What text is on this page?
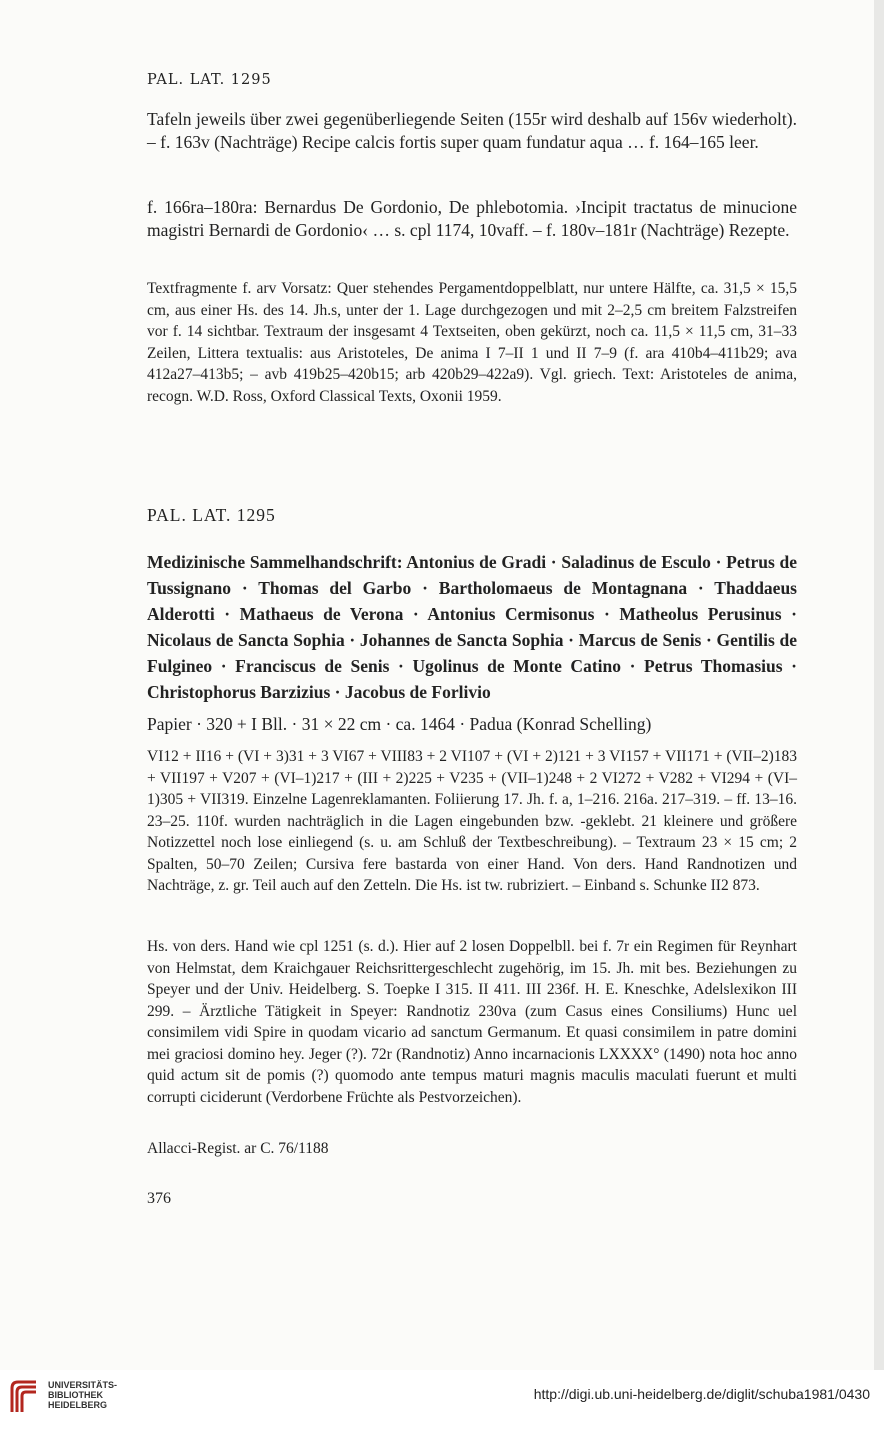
PAL. LAT. 1295
Tafeln jeweils über zwei gegenüberliegende Seiten (155r wird deshalb auf 156v wiederholt). – f. 163v (Nachträge) Recipe calcis fortis super quam fundatur aqua … f. 164–165 leer.
f. 166ra–180ra: Bernardus De Gordonio, De phlebotomia. ›Incipit tractatus de minucione magistri Bernardi de Gordonio‹ … s. cpl 1174, 10vaff. – f. 180v–181r (Nachträge) Rezepte.
Textfragmente f. arv Vorsatz: Quer stehendes Pergamentdoppelblatt, nur untere Hälfte, ca. 31,5 × 15,5 cm, aus einer Hs. des 14. Jh.s, unter der 1. Lage durchgezogen und mit 2–2,5 cm breitem Falzstreifen vor f. 14 sichtbar. Textraum der insgesamt 4 Textseiten, oben gekürzt, noch ca. 11,5 × 11,5 cm, 31–33 Zeilen, Littera textualis: aus Aristoteles, De anima I 7–II 1 und II 7–9 (f. ara 410b4–411b29; ava 412a27–413b5; – avb 419b25–420b15; arb 420b29–422a9). Vgl. griech. Text: Aristoteles de anima, recogn. W.D. Ross, Oxford Classical Texts, Oxonii 1959.
PAL. LAT. 1295
Medizinische Sammelhandschrift: Antonius de Gradi · Saladinus de Esculo · Petrus de Tussignano · Thomas del Garbo · Bartholomaeus de Montagnana · Thaddaeus Alderotti · Mathaeus de Verona · Antonius Cermisonus · Matheolus Perusinus · Nicolaus de Sancta Sophia · Johannes de Sancta Sophia · Marcus de Senis · Gentilis de Fulgineo · Franciscus de Senis · Ugolinus de Monte Catino · Petrus Thomasius · Christophorus Barzizius · Jacobus de Forlivio
Papier · 320 + I Bll. · 31 × 22 cm · ca. 1464 · Padua (Konrad Schelling)
VI12 + II16 + (VI + 3)31 + 3 VI67 + VIII83 + 2 VI107 + (VI + 2)121 + 3 VI157 + VII171 + (VII–2)183 + VII197 + V207 + (VI–1)217 + (III + 2)225 + V235 + (VII–1)248 + 2 VI272 + V282 + VI294 + (VI–1)305 + VII319. Einzelne Lagenreklamanten. Foliierung 17. Jh. f. a, 1–216. 216a. 217–319. – ff. 13–16. 23–25. 110f. wurden nachträglich in die Lagen eingebunden bzw. -geklebt. 21 kleinere und größere Notizzettel noch lose einliegend (s. u. am Schluß der Textbeschreibung). – Textraum 23 × 15 cm; 2 Spalten, 50–70 Zeilen; Cursiva fere bastarda von einer Hand. Von ders. Hand Randnotizen und Nachträge, z. gr. Teil auch auf den Zetteln. Die Hs. ist tw. rubriziert. – Einband s. Schunke II2 873.
Hs. von ders. Hand wie cpl 1251 (s. d.). Hier auf 2 losen Doppelbll. bei f. 7r ein Regimen für Reynhart von Helmstat, dem Kraichgauer Reichsrittergeschlecht zugehörig, im 15. Jh. mit bes. Beziehungen zu Speyer und der Univ. Heidelberg. S. Toepke I 315. II 411. III 236f. H. E. Kneschke, Adelslexikon III 299. – Ärztliche Tätigkeit in Speyer: Randnotiz 230va (zum Casus eines Consiliums) Hunc uel consimilem vidi Spire in quodam vicario ad sanctum Germanum. Et quasi consimilem in patre domini mei graciosi domino hey. Jeger (?). 72r (Randnotiz) Anno incarnacionis LXXXX° (1490) nota hoc anno quid actum sit de pomis (?) quomodo ante tempus maturi magnis maculis maculati fuerunt et multi corrupti ciciderunt (Verdorbene Früchte als Pestvorzeichen).
Allacci-Regist. ar C. 76/1188
376
UNIVERSITÄTS-
BIBLIOTHEK
HEIDELBERG
http://digi.ub.uni-heidelberg.de/diglit/schuba1981/0430
